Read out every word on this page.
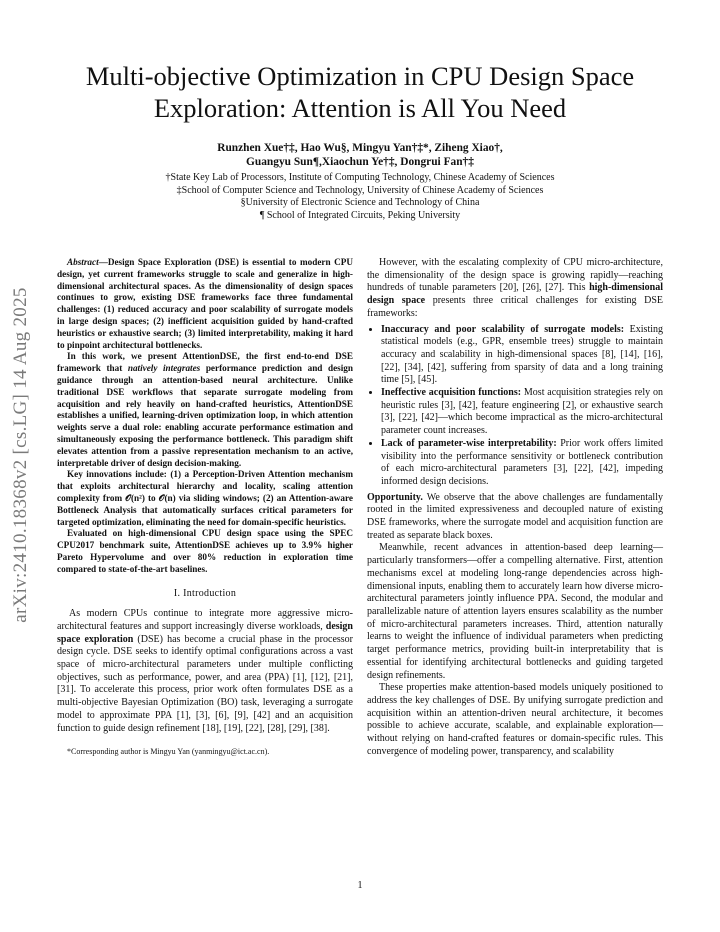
Multi-objective Optimization in CPU Design Space Exploration: Attention is All You Need
Runzhen Xue†‡, Hao Wu§, Mingyu Yan†‡*, Ziheng Xiao†,
Guangyu Sun¶,Xiaochun Ye†‡, Dongrui Fan†‡
†State Key Lab of Processors, Institute of Computing Technology, Chinese Academy of Sciences
‡School of Computer Science and Technology, University of Chinese Academy of Sciences
§University of Electronic Science and Technology of China
¶ School of Integrated Circuits, Peking University
arXiv:2410.18368v2 [cs.LG] 14 Aug 2025

Abstract—Design Space Exploration (DSE) is essential to modern CPU design, yet current frameworks struggle to scale and generalize in high-dimensional architectural spaces. As the dimensionality of design spaces continues to grow, existing DSE frameworks face three fundamental challenges: (1) reduced accuracy and poor scalability of surrogate models in large design spaces; (2) inefficient acquisition guided by hand-crafted heuristics or exhaustive search; (3) limited interpretability, making it hard to pinpoint architectural bottlenecks.

In this work, we present AttentionDSE, the first end-to-end DSE framework that natively integrates performance prediction and design guidance through an attention-based neural architecture. Unlike traditional DSE workflows that separate surrogate modeling from acquisition and rely heavily on hand-crafted heuristics, AttentionDSE establishes a unified, learning-driven optimization loop, in which attention weights serve a dual role: enabling accurate performance estimation and simultaneously exposing the performance bottleneck. This paradigm shift elevates attention from a passive representation mechanism to an active, interpretable driver of design decision-making.

Key innovations include: (1) a Perception-Driven Attention mechanism that exploits architectural hierarchy and locality, scaling attention complexity from 𝒪(n²) to 𝒪(n) via sliding windows; (2) an Attention-aware Bottleneck Analysis that automatically surfaces critical parameters for targeted optimization, eliminating the need for domain-specific heuristics.

Evaluated on high-dimensional CPU design space using the SPEC CPU2017 benchmark suite, AttentionDSE achieves up to 3.9% higher Pareto Hypervolume and over 80% reduction in exploration time compared to state-of-the-art baselines.

I. Introduction

As modern CPUs continue to integrate more aggressive micro-architectural features and support increasingly diverse workloads, design space exploration (DSE) has become a crucial phase in the processor design cycle. DSE seeks to identify optimal configurations across a vast space of micro-architectural parameters under multiple conflicting objectives, such as performance, power, and area (PPA) [1], [12], [21], [31]. To accelerate this process, prior work often formulates DSE as a multi-objective Bayesian Optimization (BO) task, leveraging a surrogate model to approximate PPA [1], [3], [6], [9], [42] and an acquisition function to guide design refinement [18], [19], [22], [28], [29], [38].

*Corresponding author is Mingyu Yan (yanmingyu@ict.ac.cn).

However, with the escalating complexity of CPU micro-architecture, the dimensionality of the design space is growing rapidly—reaching hundreds of tunable parameters [20], [26], [27]. This high-dimensional design space presents three critical challenges for existing DSE frameworks:

• Inaccuracy and poor scalability of surrogate models: Existing statistical models (e.g., GPR, ensemble trees) struggle to maintain accuracy and scalability in high-dimensional spaces [8], [14], [16], [22], [34], [42], suffering from sparsity of data and a long training time [5], [45].
• Ineffective acquisition functions: Most acquisition strategies rely on heuristic rules [3], [42], feature engineering [2], or exhaustive search [3], [22], [42]—which become impractical as the micro-architectural parameter count increases.
• Lack of parameter-wise interpretability: Prior work offers limited visibility into the performance sensitivity or bottleneck contribution of each micro-architectural parameters [3], [22], [42], impeding informed design decisions.

Opportunity. We observe that the above challenges are fundamentally rooted in the limited expressiveness and decoupled nature of existing DSE frameworks, where the surrogate model and acquisition function are treated as separate black boxes.

Meanwhile, recent advances in attention-based deep learning—particularly transformers—offer a compelling alternative. First, attention mechanisms excel at modeling long-range dependencies across high-dimensional inputs, enabling them to accurately learn how diverse micro-architectural parameters jointly influence PPA. Second, the modular and parallelizable nature of attention layers ensures scalability as the number of micro-architectural parameters increases. Third, attention naturally learns to weight the influence of individual parameters when predicting target performance metrics, providing built-in interpretability that is essential for identifying architectural bottlenecks and guiding targeted design refinements.

These properties make attention-based models uniquely positioned to address the key challenges of DSE. By unifying surrogate prediction and acquisition within an attention-driven neural architecture, it becomes possible to achieve accurate, scalable, and explainable exploration—without relying on hand-crafted features or domain-specific rules. This convergence of modeling power, transparency, and scalability

1
